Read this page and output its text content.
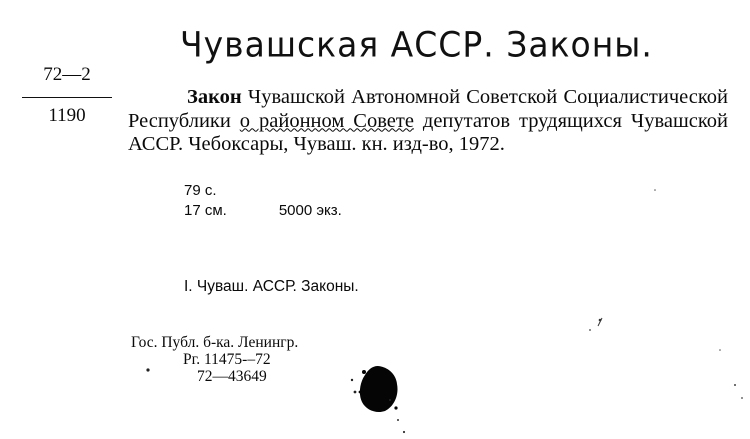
Чувашская АССР. Законы.
72—2
1190
Закон Чувашской Автономной Советской Социалистической Республики о районном Совете депутатов трудящихся Чувашской АССР. Чебоксары, Чуваш. кн. изд-во, 1972.
79 с.
17 см.	5000 экз.
I. Чуваш. АССР. Законы.
Гос. Публ. б-ка. Ленингр.
Рг. 11475-–72
72—43649
